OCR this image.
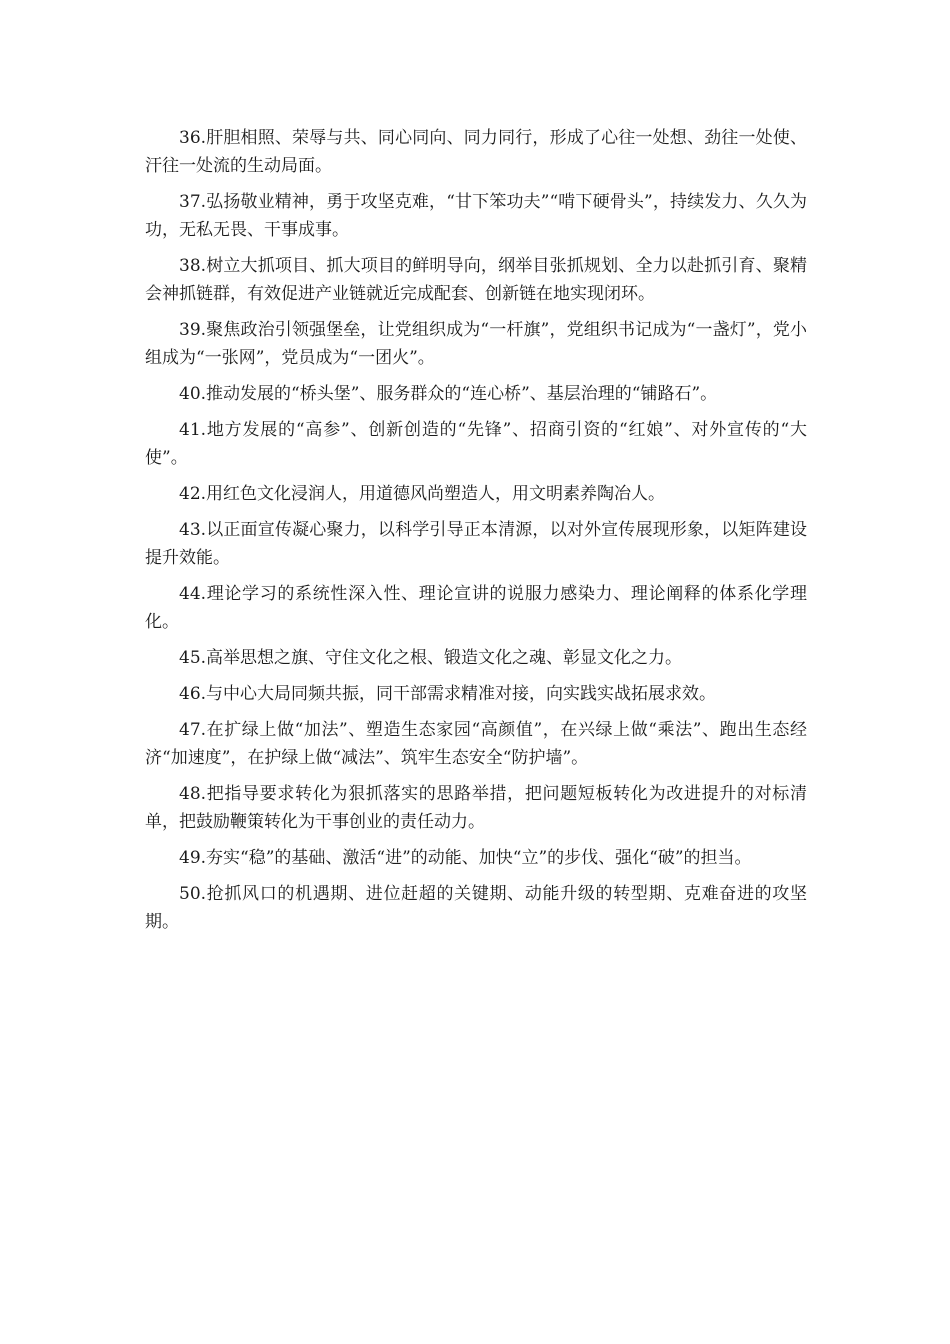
36.肝胆相照、荣辱与共、同心同向、同力同行，形成了心往一处想、劲往一处使、汗往一处流的生动局面。

37.弘扬敬业精神，勇于攻坚克难，“甘下笨功夫”“啃下硬骨头”，持续发力、久久为功，无私无畏、干事成事。

38.树立大抓项目、抓大项目的鲜明导向，纲举目张抓规划、全力以赴抓引育、聚精会神抓链群，有效促进产业链就近完成配套、创新链在地实现闭环。

39.聚焦政治引领强堡垒，让党组织成为“一杆旗”，党组织书记成为“一盏灯”，党小组成为“一张网”，党员成为“一团火”。

40.推动发展的“桥头堡”、服务群众的“连心桥”、基层治理的“铺路石”。

41.地方发展的“高参”、创新创造的“先锋”、招商引资的“红娘”、对外宣传的“大使”。

42.用红色文化浸润人，用道德风尚塑造人，用文明素养陶冶人。

43.以正面宣传凝心聚力，以科学引导正本清源，以对外宣传展现形象，以矩阵建设提升效能。

44.理论学习的系统性深入性、理论宣讲的说服力感染力、理论阐释的体系化学理化。

45.高举思想之旗、守住文化之根、锻造文化之魂、彰显文化之力。

46.与中心大局同频共振，同干部需求精准对接，向实践实战拓展求效。

47.在扩绿上做“加法”、塑造生态家园“高颜值”，在兴绿上做“乘法”、跑出生态经济“加速度”，在护绿上做“减法”、筑牢生态安全“防护墙”。

48.把指导要求转化为狠抓落实的思路举措，把问题短板转化为改进提升的对标清单，把鼓励鞭策转化为干事创业的责任动力。

49.夯实“稳”的基础、激活“进”的动能、加快“立”的步伐、强化“破”的担当。

50.抢抓风口的机遇期、进位赶超的关键期、动能升级的转型期、克难奋进的攻坚期。
